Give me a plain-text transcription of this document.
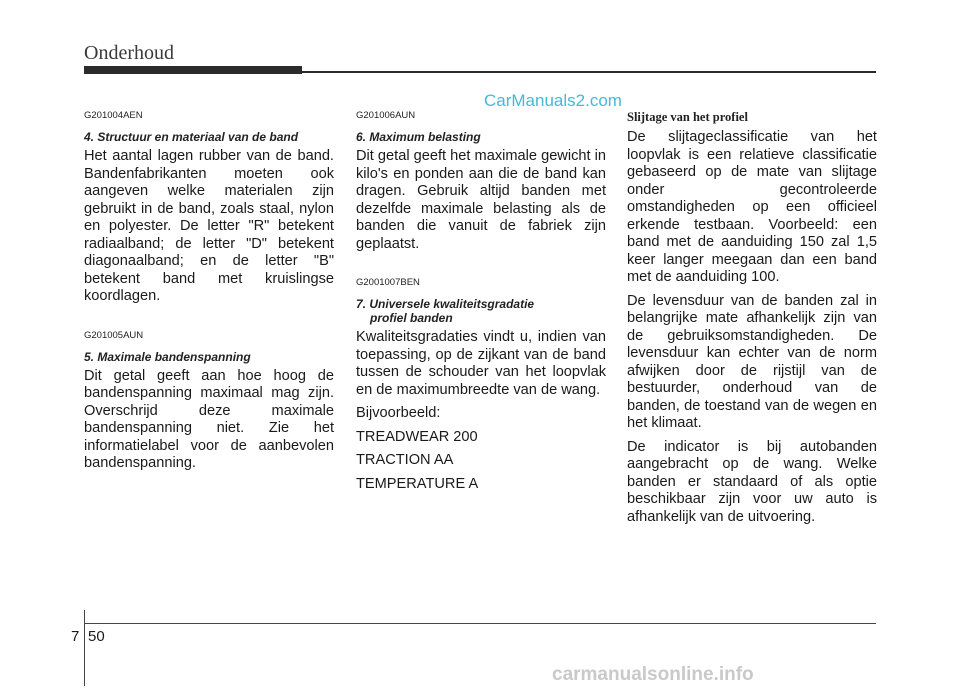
Onderhoud
CarManuals2.com

G201004AEN

4. Structuur en materiaal van de band

Het aantal lagen rubber van de band. Bandenfabrikanten moeten ook aangeven welke materialen zijn gebruikt in de band, zoals staal, nylon en polyester. De letter "R" betekent radiaalband; de letter "D" betekent diagonaalband; en de letter "B" betekent band met kruislingse koordlagen.

G201005AUN

5. Maximale bandenspanning

Dit getal geeft aan hoe hoog de bandenspanning maximaal mag zijn. Overschrijd deze maximale bandenspanning niet. Zie het informatielabel voor de aanbevolen bandenspanning.

G201006AUN

6. Maximum belasting

Dit getal geeft het maximale gewicht in kilo's en ponden aan die de band kan dragen. Gebruik altijd banden met dezelfde maximale belasting als de banden die vanuit de fabriek zijn geplaatst.

G2001007BEN

7. Universele kwaliteitsgradatie
profiel banden

Kwaliteitsgradaties vindt u, indien van toepassing, op de zijkant van de band tussen de schouder van het loopvlak en de maximumbreedte van de wang.

Bijvoorbeeld:

TREADWEAR 200

TRACTION AA

TEMPERATURE A

Slijtage van het profiel

De slijtageclassificatie van het loopvlak is een relatieve classificatie gebaseerd op de mate van slijtage onder gecontroleerde omstandigheden op een officieel erkende testbaan. Voorbeeld: een band met de aanduiding 150 zal 1,5 keer langer meegaan dan een band met de aanduiding 100.

De levensduur van de banden zal in belangrijke mate afhankelijk zijn van de gebruiksomstandigheden. De levensduur kan echter van de norm afwijken door de rijstijl van de bestuurder, onderhoud van de banden, de toestand van de wegen en het klimaat.

De indicator is bij autobanden aangebracht op de wang. Welke banden er standaard of als optie beschikbaar zijn voor uw auto is afhankelijk van de uitvoering.

7 50
carmanualsonline.info
